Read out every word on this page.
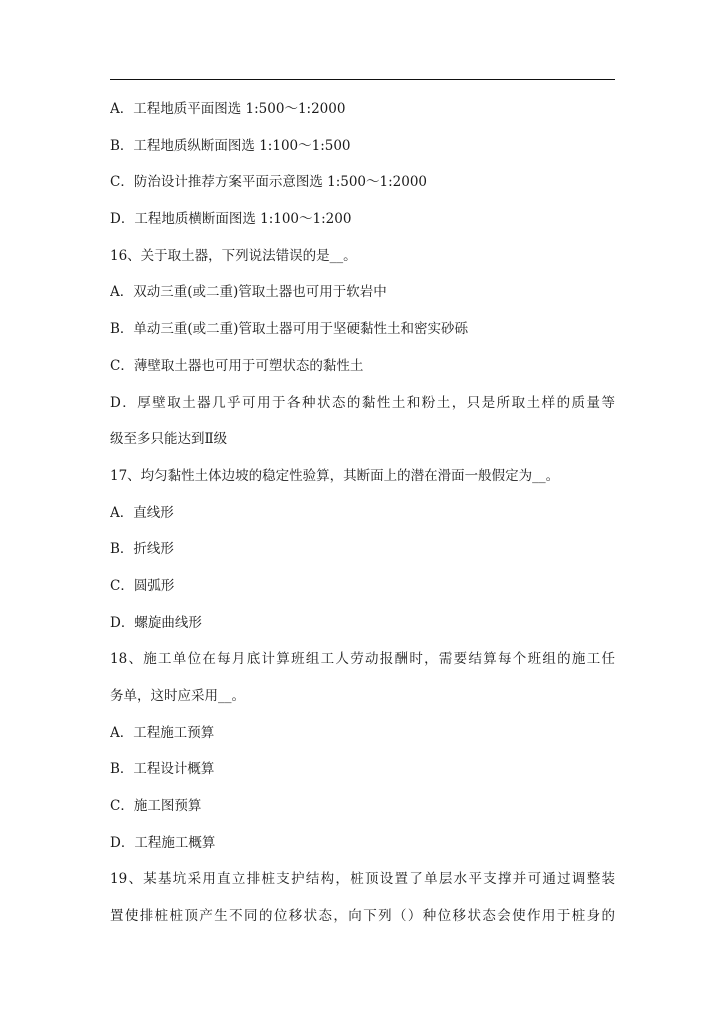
A．工程地质平面图选 1:500～1:2000
B．工程地质纵断面图选 1:100～1:500
C．防治设计推荐方案平面示意图选 1:500～1:2000
D．工程地质横断面图选 1:100～1:200
16、关于取土器，下列说法错误的是__。
A．双动三重(或二重)管取土器也可用于软岩中
B．单动三重(或二重)管取土器可用于坚硬黏性土和密实砂砾
C．薄壁取土器也可用于可塑状态的黏性土
D．厚壁取土器几乎可用于各种状态的黏性土和粉土，只是所取土样的质量等
级至多只能达到Ⅱ级
17、均匀黏性土体边坡的稳定性验算，其断面上的潜在滑面一般假定为__。
A．直线形
B．折线形
C．圆弧形
D．螺旋曲线形
18、施工单位在每月底计算班组工人劳动报酬时，需要结算每个班组的施工任
务单，这时应采用__。
A．工程施工预算
B．工程设计概算
C．施工图预算
D．工程施工概算
19、某基坑采用直立排桩支护结构，桩顶设置了单层水平支撑并可通过调整装
置使排桩桩顶产生不同的位移状态，向下列（）种位移状态会使作用于桩身的
